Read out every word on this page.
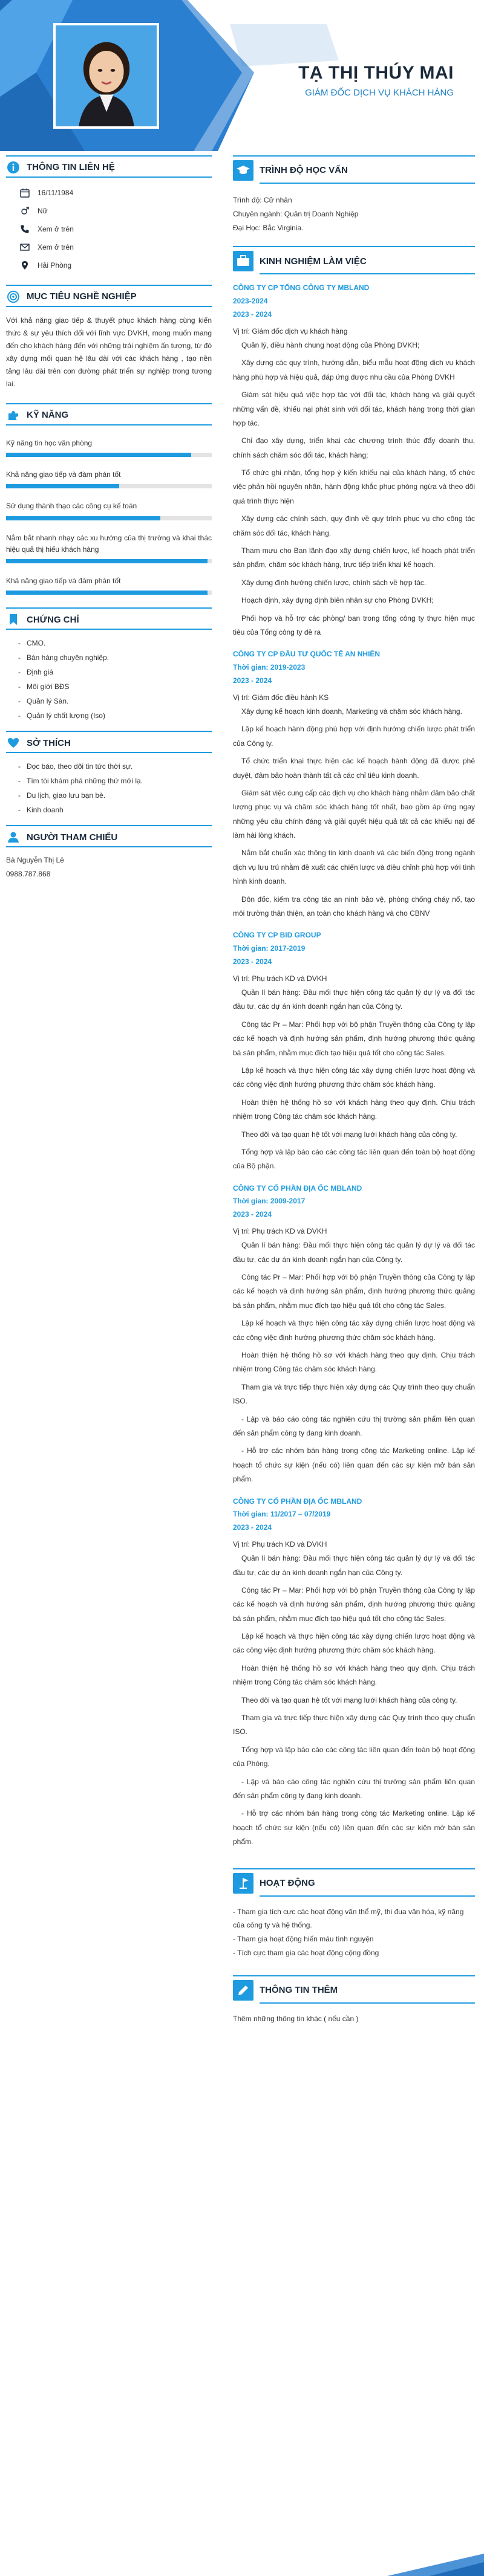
TẠ THỊ THÚY MAI
GIÁM ĐỐC DỊCH VỤ KHÁCH HÀNG
THÔNG TIN LIÊN HỆ
16/11/1984
Nữ
Xem ở trên
Xem ở trên
Hải Phòng
MỤC TIÊU NGHỀ NGHIỆP

Với khả năng giao tiếp & thuyết phục khách hàng cùng kiến thức & sự yêu thích đối với lĩnh vực DVKH, mong muốn mang đến cho khách hàng đến với những trải nghiệm ấn tượng, từ đó xây dựng mối quan hệ lâu dài với các khách hàng , tạo nền tảng lâu dài trên con đường phát triển sự nghiệp trong tương lai.

KỸ NĂNG
Kỹ năng tin học văn phòng
Khả năng giao tiếp và đàm phán tốt
Sử dụng thành thạo các công cụ kế toán
Nắm bắt nhanh nhạy các xu hướng của thị trường và khai thác hiệu quả thị hiếu khách hàng
Khả năng giao tiếp và đàm phán tốt
CHỨNG CHỈ
- CMO.
- Bán hàng chuyên nghiệp.
- Định giá
- Môi giới BĐS
- Quản lý Sàn.
- Quản lý chất lượng (Iso)
SỞ THÍCH
- Đọc báo, theo dõi tin tức thời sự.
- Tìm tòi khám phá những thứ mới lạ.
- Du lịch, giao lưu bạn bè.
- Kinh doanh
NGƯỜI THAM CHIẾU
Bà Nguyễn Thị Lê
0988.787.868
TRÌNH ĐỘ HỌC VẤN
Trình độ: Cử nhân
Chuyên ngành: Quản trị Doanh Nghiệp
Đại Học: Bắc Virginia.
KINH NGHIỆM LÀM VIỆC
CÔNG TY CP TỔNG CÔNG TY MBLAND
2023-2024
2023 - 2024
Vị trí: Giám đốc dịch vụ khách hàng
Quản lý, điều hành chung hoạt động của Phòng DVKH;
Xây dựng các quy trình, hướng dẫn, biểu mẫu hoạt động dịch vụ khách hàng phù hợp và hiệu quả, đáp ứng được nhu cầu của Phòng DVKH
Giám sát hiệu quả việc hợp tác với đối tác, khách hàng và giải quyết những vấn đề, khiếu nại phát sinh với đối tác, khách hàng trong thời gian hợp tác.
Chỉ đạo xây dựng, triển khai các chương trình thúc đẩy doanh thu, chính sách chăm sóc đối tác, khách hàng;
Tổ chức ghi nhận, tổng hợp ý kiến khiếu nại của khách hàng, tổ chức việc phản hồi nguyên nhân, hành động khắc phục phòng ngừa và theo dõi quá trình thực hiện
Xây dựng các chính sách, quy định về quy trình phục vụ cho công tác chăm sóc đối tác, khách hàng.
Tham mưu cho Ban lãnh đạo xây dựng chiến lược, kế hoạch phát triển sản phẩm, chăm sóc khách hàng, trực tiếp triển khai kế hoạch.
Xây dựng định hướng chiến lược, chính sách về hợp tác.
Hoạch định, xây dựng định biên nhân sự cho Phòng DVKH;
Phối hợp và hỗ trợ các phòng/ ban trong tổng công ty thực hiện mục tiêu của Tổng công ty đề ra
CÔNG TY CP ĐẦU TƯ QUỐC TẾ AN NHIÊN
Thời gian: 2019-2023
2023 - 2024
Vị trí: Giám đốc điều hành KS
Xây dựng kế hoạch kinh doanh, Marketing và chăm sóc khách hàng.
Lập kế hoạch hành động phù hợp với định hướng chiến lược phát triển của Công ty.
Tổ chức triển khai thực hiện các kế hoạch hành động đã được phê duyệt, đảm bảo hoàn thành tất cả các chỉ tiêu kinh doanh.
Giám sát việc cung cấp các dịch vụ cho khách hàng nhằm đảm bảo chất lượng phục vụ và chăm sóc khách hàng tốt nhất, bao gồm áp ứng ngay những yêu cầu chính đáng và giải quyết hiệu quả tất cả các khiếu nại để làm hài lòng khách.
Nắm bắt chuẩn xác thông tin kinh doanh và các biến động trong ngành dịch vụ lưu trú nhằm đề xuất các chiến lược và điều chỉnh phù hợp với tình hình kinh doanh.
Đôn đốc, kiểm tra công tác an ninh bảo vệ, phòng chống cháy nổ, tạo môi trường thân thiện, an toàn cho khách hàng và cho CBNV
CÔNG TY CP BID GROUP
Thời gian: 2017-2019
2023 - 2024
Vị trí: Phụ trách KD và DVKH
Quản lí bán hàng: Đầu mối thực hiện công tác quản lý dự lý và đối tác đầu tư, các dự án kinh doanh ngắn hạn của Công ty.
Công tác Pr – Mar: Phối hợp với bộ phận Truyền thông của Công ty lập các kế hoạch và định hướng sản phẩm, định hướng phương thức quảng bá sản phẩm, nhằm mục đích tạo hiệu quả tốt cho công tác Sales.
Lập kế hoạch và thực hiện công tác xây dựng chiến lược hoạt động và các công việc định hướng phương thức chăm sóc khách hàng.
Hoàn thiện hệ thống hồ sơ với khách hàng theo quy định. Chịu trách nhiệm trong Công tác chăm sóc khách hàng.
Theo dõi và tạo quan hệ tốt với mạng lưới khách hàng của công ty.
Tổng hợp và lập báo cáo các công tác liên quan đến toàn bộ hoạt động của Bộ phận.
CÔNG TY CỔ PHẦN ĐỊA ỐC MBLAND
Thời gian: 2009-2017
2023 - 2024
Vị trí: Phụ trách KD và DVKH
Quản lí bán hàng: Đầu mối thực hiện công tác quản lý dự lý và đối tác đầu tư, các dự án kinh doanh ngắn hạn của Công ty.
Công tác Pr – Mar: Phối hợp với bộ phận Truyền thông của Công ty lập các kế hoạch và định hướng sản phẩm, định hướng phương thức quảng bá sản phẩm, nhằm mục đích tạo hiệu quả tốt cho công tác Sales.
Lập kế hoạch và thực hiện công tác xây dựng chiến lược hoạt động và các công việc định hướng phương thức chăm sóc khách hàng.
Hoàn thiện hệ thống hồ sơ với khách hàng theo quy định. Chịu trách nhiệm trong Công tác chăm sóc khách hàng.
Tham gia và trực tiếp thực hiện xây dựng các Quy trình theo quy chuẩn ISO.
- Lập và báo cáo công tác nghiên cứu thị trường sản phẩm liên quan đến sản phẩm công ty đang kinh doanh.
- Hỗ trợ các nhóm bán hàng trong công tác Marketing online. Lập kế hoạch tổ chức sự kiện (nếu có) liên quan đến các sự kiện mở bán sản phẩm.
CÔNG TY CỔ PHẦN ĐỊA ỐC MBLAND
Thời gian: 11/2017 – 07/2019
2023 - 2024
Vị trí: Phụ trách KD và DVKH
Quản lí bán hàng: Đầu mối thực hiện công tác quản lý dự lý và đối tác đầu tư, các dự án kinh doanh ngắn hạn của Công ty.
Công tác Pr – Mar: Phối hợp với bộ phận Truyền thông của Công ty lập các kế hoạch và định hướng sản phẩm, định hướng phương thức quảng bá sản phẩm, nhằm mục đích tạo hiệu quả tốt cho công tác Sales.
Lập kế hoạch và thực hiện công tác xây dựng chiến lược hoạt động và các công việc định hướng phương thức chăm sóc khách hàng.
Hoàn thiện hệ thống hồ sơ với khách hàng theo quy định. Chịu trách nhiệm trong Công tác chăm sóc khách hàng.
Theo dõi và tạo quan hệ tốt với mạng lưới khách hàng của công ty.
Tham gia và trực tiếp thực hiện xây dựng các Quy trình theo quy chuẩn ISO.
Tổng hợp và lập báo cáo các công tác liên quan đến toàn bộ hoạt động của Phòng.
- Lập và báo cáo công tác nghiên cứu thị trường sản phẩm liên quan đến sản phẩm công ty đang kinh doanh.
- Hỗ trợ các nhóm bán hàng trong công tác Marketing online. Lập kế hoạch tổ chức sự kiện (nếu có) liên quan đến các sự kiện mở bán sản phẩm.
HOẠT ĐỘNG
- Tham gia tích cực các hoạt động văn thể mỹ, thi đua văn hóa, kỹ năng của công ty và hệ thống.
- Tham gia hoạt động hiến máu tình nguyện
- Tích cực tham gia các hoạt động cộng đồng
THÔNG TIN THÊM
Thêm những thông tin khác ( nếu cần )
